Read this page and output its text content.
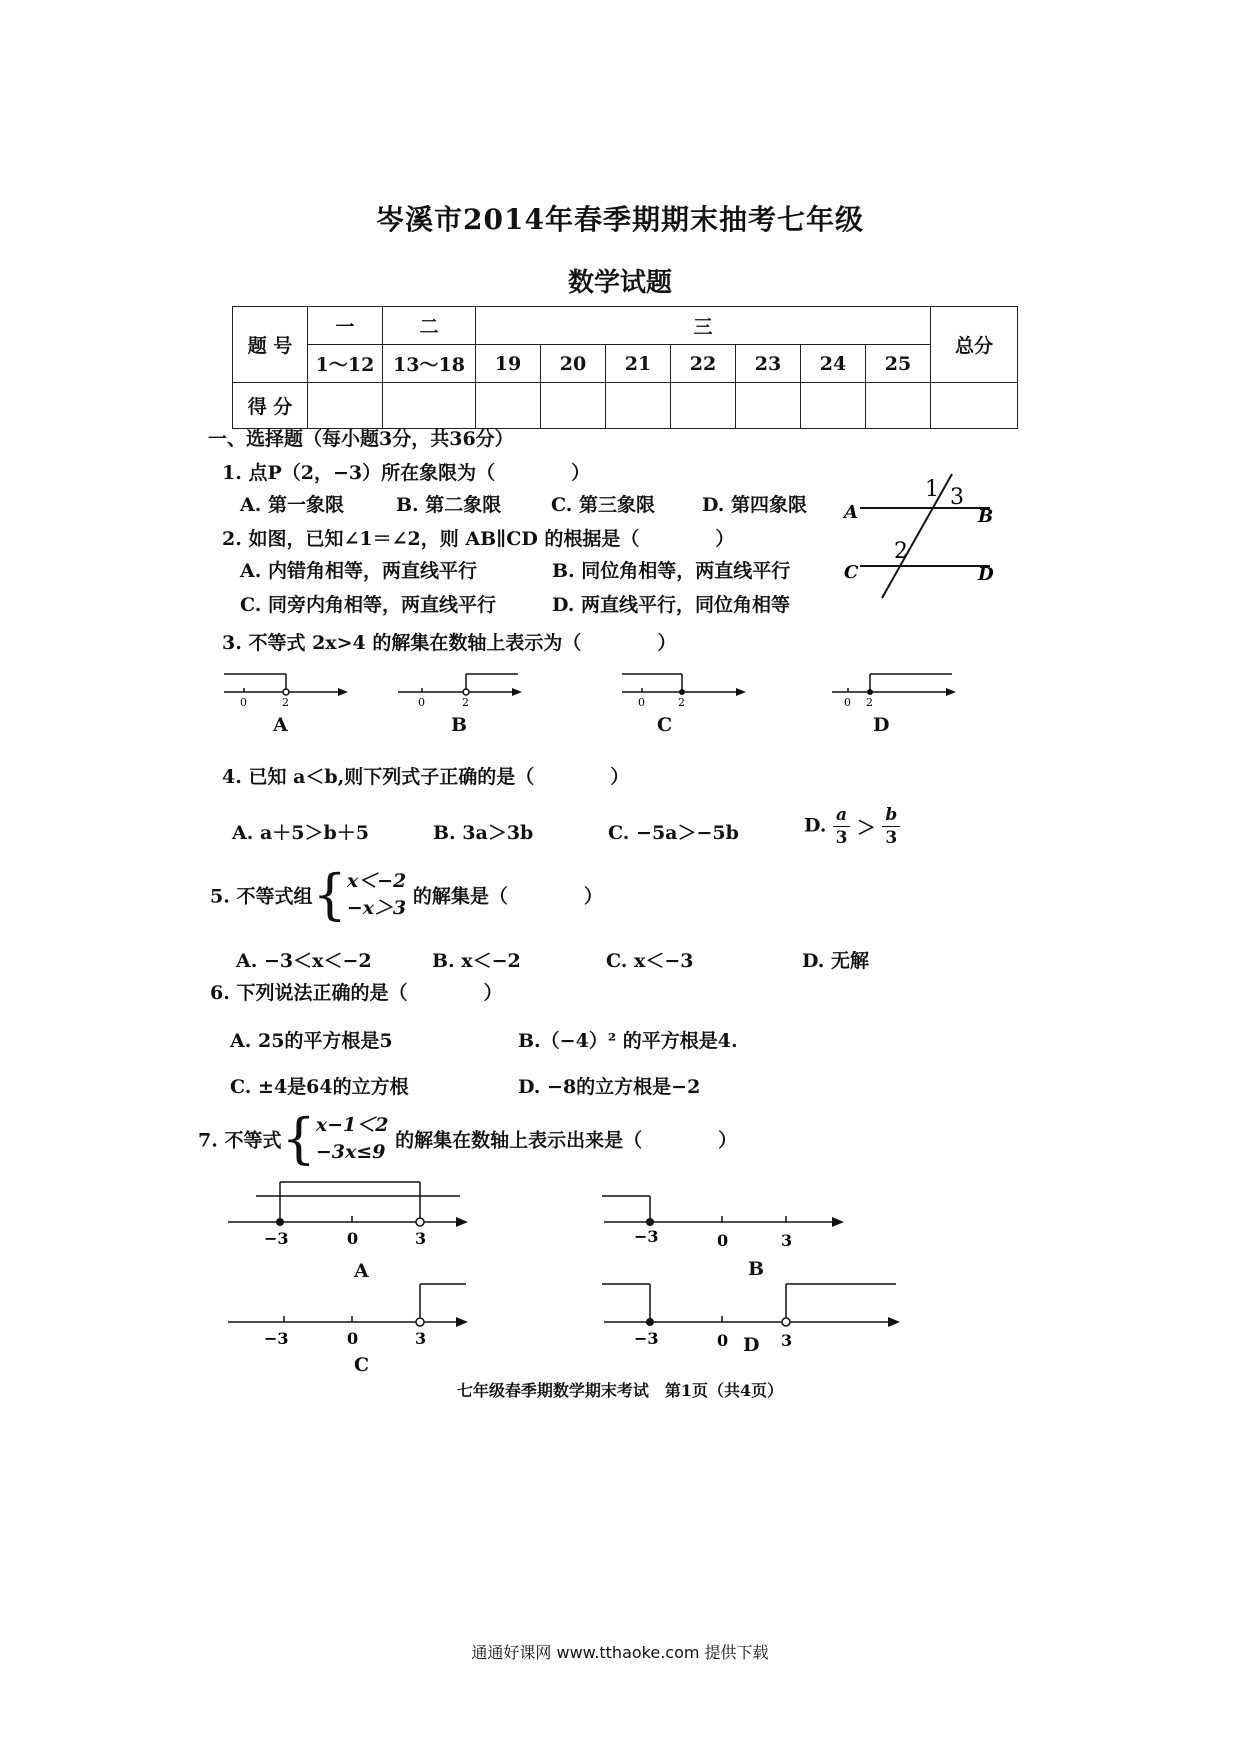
岑溪市2014年春季期期末抽考七年级
数学试题
题 号	一	二	三							总分
	1～12	13～18	19	20	21	22	23	24	25	
得 分										
一、选择题（每小题3分，共36分）
1. 点P（2，−3）所在象限为（　　　　）
A. 第一象限	B. 第二象限	C. 第三象限 D. 第四象限
1 3
2
A	B
C	D
2. 如图，已知∠1＝∠2，则 AB∥CD 的根据是（　　　　）
A. 内错角相等，两直线平行	B. 同位角相等，两直线平行
C. 同旁内角相等，两直线平行	D. 两直线平行，同位角相等
3. 不等式 2x>4 的解集在数轴上表示为（　　　　）
0	2
A
0	2
B
0	2
C
0 2
D
4. 已知 a＜b,则下列式子正确的是（　　　　）
A. a＋5＞b＋5	B. 3a＞3b	C. −5a＞−5b	D. $\frac{a}{3} > \frac{b}{3}$
5. 不等式组{ x＜−2
−x＞3
的解集是（　　　　）
A. −3＜x＜−2	B. x＜−2	C. x＜−3	D. 无解
6. 下列说法正确的是（　　　　）
A. 25的平方根是5	B.（−4）² 的平方根是4.
C. ±4是64的立方根	D. −8的立方根是−2
7. 不等式{ x−1＜2
−3x≤9
的解集在数轴上表示出来是（　　　　）
−3	0	3
A
−3	0	3
B
−3	0	3
C
−3	0	3
D
七年级春季期数学期末考试　第1页（共4页）
通通好课网 www.tthaoke.com 提供下载
